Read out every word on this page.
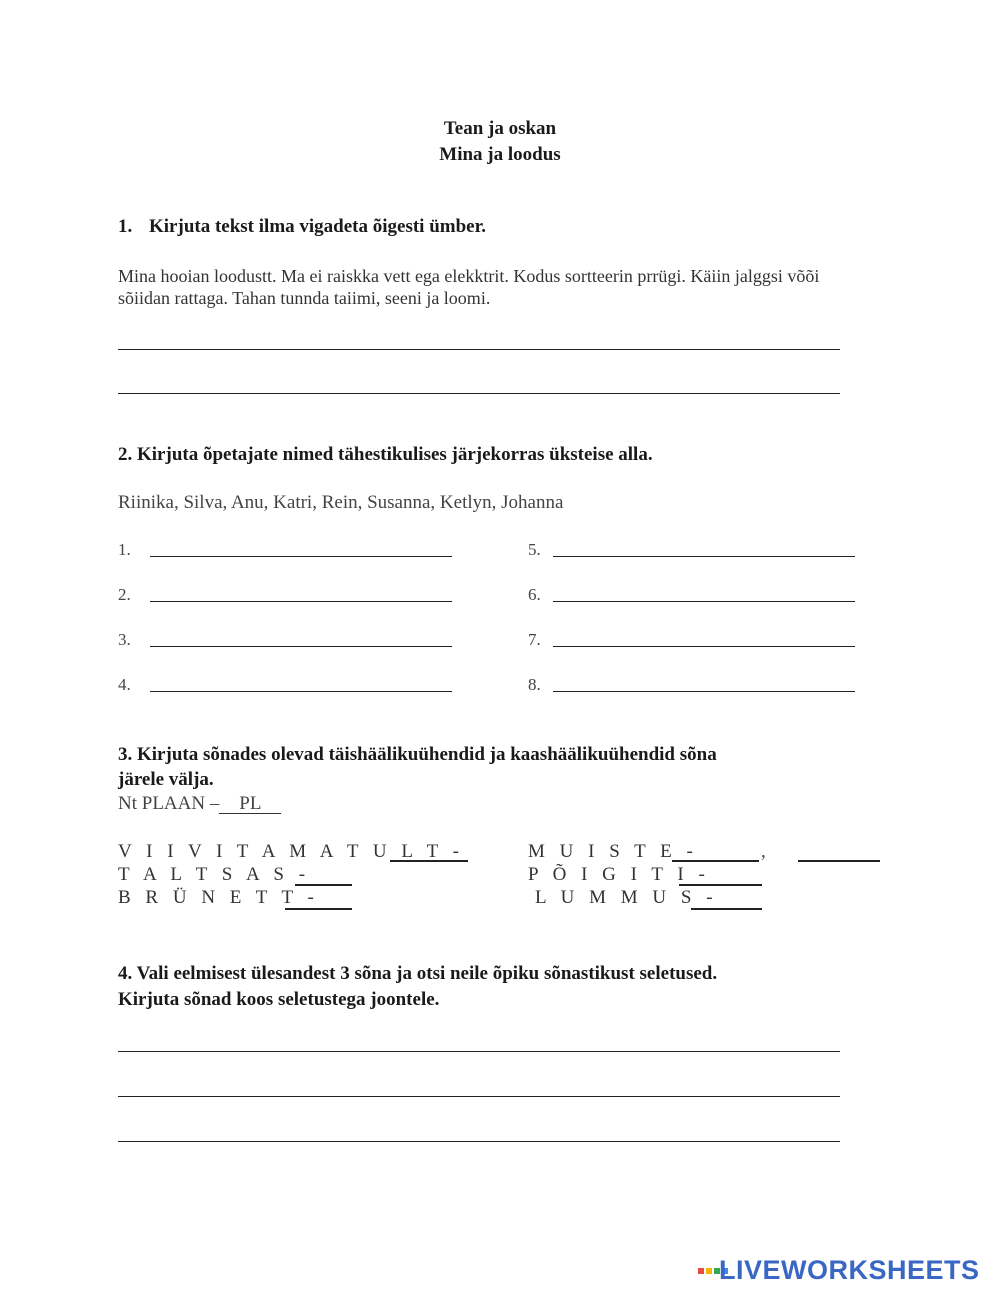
Tean ja oskan
Mina ja loodus
1. Kirjuta tekst ilma vigadeta õigesti ümber.
Mina hooian loodustt. Ma ei raiskka vett ega elekktrit. Kodus sortteerin prrügi. Käiin jalggsi võõi
sõiidan rattaga. Tahan tunnda taiimi, seeni ja loomi.
2. Kirjuta õpetajate nimed tähestikulises järjekorras üksteise alla.
Riinika, Silva, Anu, Katri, Rein, Susanna, Ketlyn, Johanna
1.
2.
3.
4.
5.
6.
7.
8.
3. Kirjuta sõnades olevad täishäälikuühendid ja kaashäälikuühendid sõna
järele välja.
Nt PLAAN – PL
V I I V I T A M A T U L T -
T A L T S A S -
B R Ü N E T T -
M U I S T E -	,
P Õ I G I T I -
L U M M U S -
4. Vali eelmisest ülesandest 3 sõna ja otsi neile õpiku sõnastikust seletused.
Kirjuta sõnad koos seletustega joontele.
LIVEWORKSHEETS
